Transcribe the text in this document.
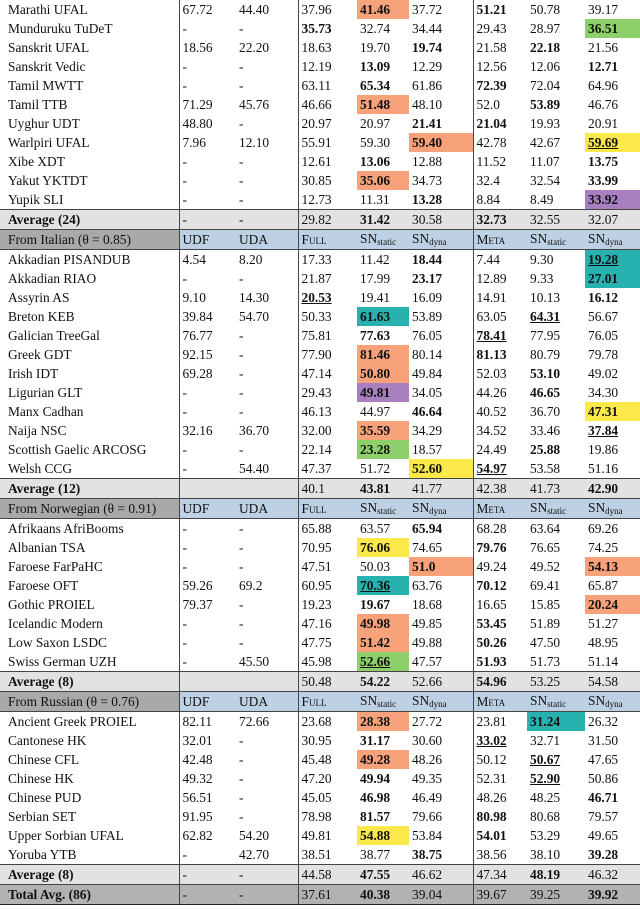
Marathi UFAL	67.72	44.40	37.96	41.46	37.72	51.21	50.78	39.17
Munduruku TuDeT	-	-	35.73	32.74	34.44	29.43	28.97	36.51
Sanskrit UFAL	18.56	22.20	18.63	19.70	19.74	21.58	22.18	21.56
Sanskrit Vedic	-	-	12.19	13.09	12.29	12.56	12.06	12.71
Tamil MWTT	-	-	63.11	65.34	61.86	72.39	72.04	64.96
Tamil TTB	71.29	45.76	46.66	51.48	48.10	52.0	53.89	46.76
Uyghur UDT	48.80	-	20.97	20.97	21.41	21.04	19.93	20.91
Warlpiri UFAL	7.96	12.10	55.91	59.30	59.40	42.78	42.67	59.69
Xibe XDT	-	-	12.61	13.06	12.88	11.52	11.07	13.75
Yakut YKTDT	-	-	30.85	35.06	34.73	32.4	32.54	33.99
Yupik SLI	-	-	12.73	11.31	13.28	8.84	8.49	33.92
Average (24)	-	-	29.82	31.42	30.58	32.73	32.55	32.07
From Italian (θ = 0.85)	UDF	UDA	Full	$SN_{static}$	$SN_{dyna}$	Meta	$SN_{static}$	$SN_{dyna}$
Akkadian PISANDUB	4.54	8.20	17.33	11.42	18.44	7.44	9.30	19.28
Akkadian RIAO	-	-	21.87	17.99	23.17	12.89	9.33	27.01
Assyrin AS	9.10	14.30	20.53	19.41	16.09	14.91	10.13	16.12
Breton KEB	39.84	54.70	50.33	61.63	53.89	63.05	64.31	56.67
Galician TreeGal	76.77	-	75.81	77.63	76.05	78.41	77.95	76.05
Greek GDT	92.15	-	77.90	81.46	80.14	81.13	80.79	79.78
Irish IDT	69.28	-	47.14	50.80	49.84	52.03	53.10	49.02
Ligurian GLT	-	-	29.43	49.81	34.05	44.26	46.65	34.30
Manx Cadhan	-	-	46.13	44.97	46.64	40.52	36.70	47.31
Naija NSC	32.16	36.70	32.00	35.59	34.29	34.52	33.46	37.84
Scottish Gaelic ARCOSG	-	-	22.14	23.28	18.57	24.49	25.88	19.86
Welsh CCG	-	54.40	47.37	51.72	52.60	54.97	53.58	51.16
Average (12)			40.1	43.81	41.77	42.38	41.73	42.90
From Norwegian (θ = 0.91)	UDF	UDA	Full	$SN_{static}$	$SN_{dyna}$	Meta	$SN_{static}$	$SN_{dyna}$
Afrikaans AfriBooms	-	-	65.88	63.57	65.94	68.28	63.64	69.26
Albanian TSA	-	-	70.95	76.06	74.65	79.76	76.65	74.25
Faroese FarPaHC	-	-	47.51	50.03	51.0	49.24	49.52	54.13
Faroese OFT	59.26	69.2	60.95	70.36	63.76	70.12	69.41	65.87
Gothic PROIEL	79.37	-	19.23	19.67	18.68	16.65	15.85	20.24
Icelandic Modern	-	-	47.16	49.98	49.85	53.45	51.89	51.27
Low Saxon LSDC	-	-	47.75	51.42	49.88	50.26	47.50	48.95
Swiss German UZH	-	45.50	45.98	52.66	47.57	51.93	51.73	51.14
Average (8)			50.48	54.22	52.66	54.96	53.25	54.58
From Russian (θ = 0.76)	UDF	UDA	Full	$SN_{static}$	$SN_{dyna}$	Meta	$SN_{static}$	$SN_{dyna}$
Ancient Greek PROIEL	82.11	72.66	23.68	28.38	27.72	23.81	31.24	26.32
Cantonese HK	32.01	-	30.95	31.17	30.60	33.02	32.71	31.50
Chinese CFL	42.48	-	45.48	49.28	48.26	50.12	50.67	47.65
Chinese HK	49.32	-	47.20	49.94	49.35	52.31	52.90	50.86
Chinese PUD	56.51	-	45.05	46.98	46.49	48.26	48.25	46.71
Serbian SET	91.95	-	78.98	81.57	79.66	80.98	80.68	79.57
Upper Sorbian UFAL	62.82	54.20	49.81	54.88	53.84	54.01	53.29	49.65
Yoruba YTB	-	42.70	38.51	38.77	38.75	38.56	38.10	39.28
Average (8)	-	-	44.58	47.55	46.62	47.34	48.19	46.32
Total Avg. (86)	-	-	37.61	40.38	39.04	39.67	39.25	39.92
